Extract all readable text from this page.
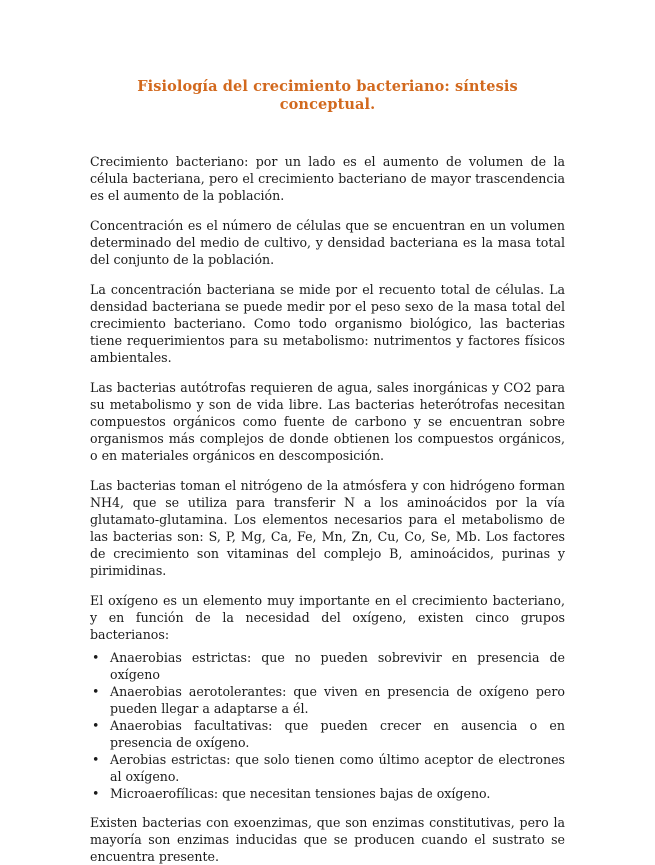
Fisiología del crecimiento bacteriano: síntesis conceptual.

Crecimiento bacteriano: por un lado es el aumento de volumen de la célula bacteriana, pero el crecimiento bacteriano de mayor trascendencia es el aumento de la población.

Concentración es el número de células que se encuentran en un volumen determinado del medio de cultivo, y densidad bacteriana es la masa total del conjunto de la población.

La concentración bacteriana se mide por el recuento total de células. La densidad bacteriana se puede medir por el peso sexo de la masa total del crecimiento bacteriano. Como todo organismo biológico, las bacterias tiene requerimientos para su metabolismo: nutrimentos y factores físicos ambientales.

Las bacterias autótrofas requieren de agua, sales inorgánicas y CO2 para su metabolismo y son de vida libre. Las bacterias heterótrofas necesitan compuestos orgánicos como fuente de carbono y se encuentran sobre organismos más complejos de donde obtienen los compuestos orgánicos, o en materiales orgánicos en descomposición.

Las bacterias toman el nitrógeno de la atmósfera y con hidrógeno forman NH4, que se utiliza para transferir N a los aminoácidos por la vía glutamato-glutamina. Los elementos necesarios para el metabolismo de las bacterias son: S, P, Mg, Ca, Fe, Mn, Zn, Cu, Co, Se, Mb. Los factores de crecimiento son vitaminas del complejo B, aminoácidos, purinas y pirimidinas.

El oxígeno es un elemento muy importante en el crecimiento bacteriano, y en función de la necesidad del oxígeno, existen cinco grupos bacterianos:

• Anaerobias estrictas: que no pueden sobrevivir en presencia de oxígeno
• Anaerobias aerotolerantes: que viven en presencia de oxígeno pero pueden llegar a adaptarse a él.
• Anaerobias facultativas: que pueden crecer en ausencia o en presencia de oxígeno.
• Aerobias estrictas: que solo tienen como último aceptor de electrones al oxígeno.
• Microaerofílicas: que necesitan tensiones bajas de oxígeno.

Existen bacterias con exoenzimas, que son enzimas constitutivas, pero la mayoría son enzimas inducidas que se producen cuando el sustrato se encuentra presente.
